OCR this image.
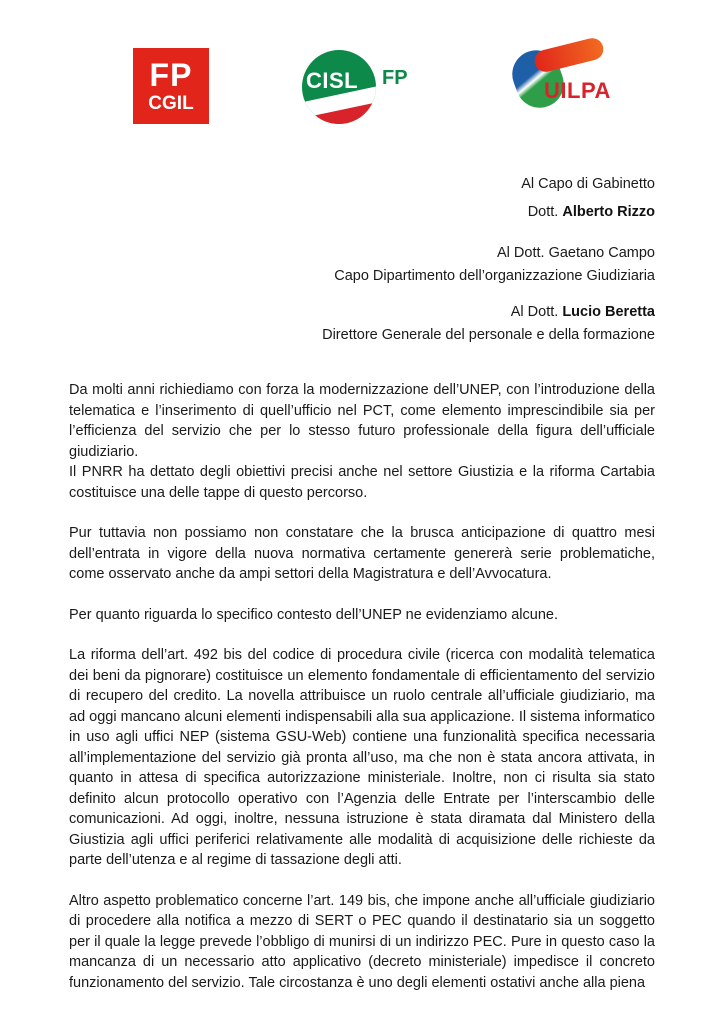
FP
CGIL
CISL FP	UILPA
Al Capo di Gabinetto
Dott. Alberto Rizzo
Al Dott. Gaetano Campo
Capo Dipartimento dell’organizzazione Giudiziaria
Al Dott. Lucio Beretta
Direttore Generale del personale e della formazione

Da molti anni richiediamo con forza la modernizzazione dell’UNEP, con l’introduzione della telematica e l’inserimento di quell’ufficio nel PCT, come elemento imprescindibile sia per l’efficienza del servizio che per lo stesso futuro professionale della figura dell’ufficiale giudiziario.

Il PNRR ha dettato degli obiettivi precisi anche nel settore Giustizia e la riforma Cartabia costituisce una delle tappe di questo percorso.

Pur tuttavia non possiamo non constatare che la brusca anticipazione di quattro mesi dell’entrata in vigore della nuova normativa certamente genererà serie problematiche, come osservato anche da ampi settori della Magistratura e dell’Avvocatura.

Per quanto riguarda lo specifico contesto dell’UNEP ne evidenziamo alcune.

La riforma dell’art. 492 bis del codice di procedura civile (ricerca con modalità telematica dei beni da pignorare) costituisce un elemento fondamentale di efficientamento del servizio di recupero del credito. La novella attribuisce un ruolo centrale all’ufficiale giudiziario, ma ad oggi mancano alcuni elementi indispensabili alla sua applicazione. Il sistema informatico in uso agli uffici NEP (sistema GSU-Web) contiene una funzionalità specifica necessaria all’implementazione del servizio già pronta all’uso, ma che non è stata ancora attivata, in quanto in attesa di specifica autorizzazione ministeriale. Inoltre, non ci risulta sia stato definito alcun protocollo operativo con l’Agenzia delle Entrate per l’interscambio delle comunicazioni. Ad oggi, inoltre, nessuna istruzione è stata diramata dal Ministero della Giustizia agli uffici periferici relativamente alle modalità di acquisizione delle richieste da parte dell’utenza e al regime di tassazione degli atti.

Altro aspetto problematico concerne l’art. 149 bis, che impone anche all’ufficiale giudiziario di procedere alla notifica a mezzo di SERT o PEC quando il destinatario sia un soggetto per il quale la legge prevede l’obbligo di munirsi di un indirizzo PEC. Pure in questo caso la mancanza di un necessario atto applicativo (decreto ministeriale) impedisce il concreto funzionamento del servizio. Tale circostanza è uno degli elementi ostativi anche alla piena
